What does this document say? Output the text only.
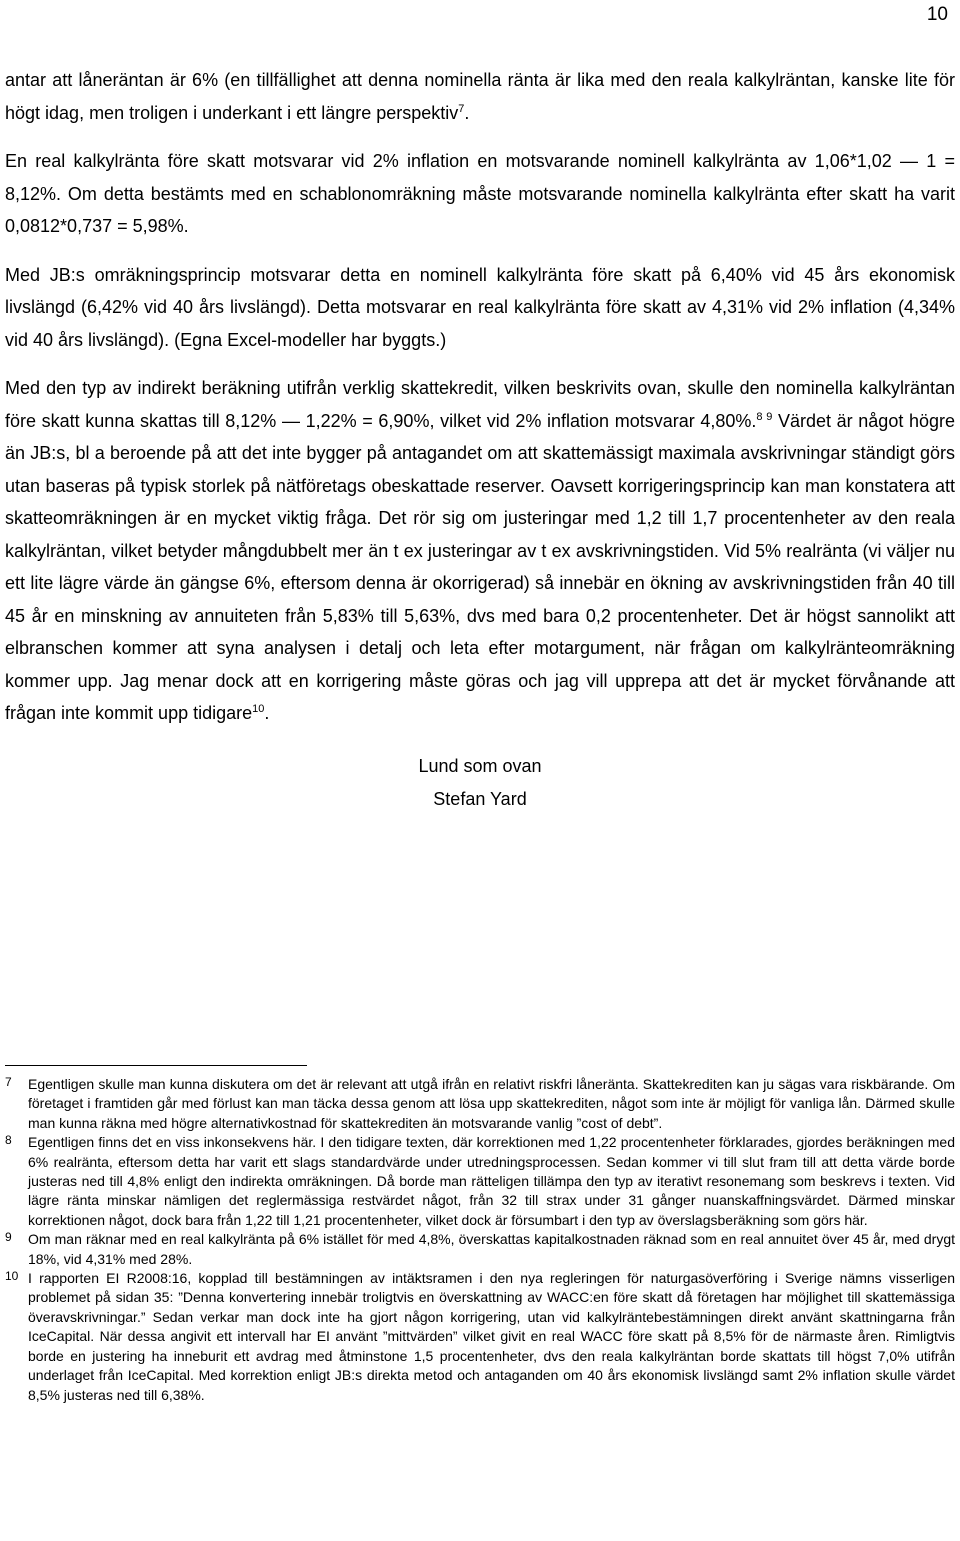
10

antar att låneräntan är 6% (en tillfällighet att denna nominella ränta är lika med den reala kalkylräntan, kanske lite för högt idag, men troligen i underkant i ett längre perspektiv$^7$.

En real kalkylränta före skatt motsvarar vid 2% inflation en motsvarande nominell kalkylränta av 1,06*1,02 — 1 = 8,12%. Om detta bestämts med en schablonomräkning måste motsvarande nominella kalkylränta efter skatt ha varit 0,0812*0,737 = 5,98%.

Med JB:s omräkningsprincip motsvarar detta en nominell kalkylränta före skatt på 6,40% vid 45 års ekonomisk livslängd (6,42% vid 40 års livslängd). Detta motsvarar en real kalkylränta före skatt av 4,31% vid 2% inflation (4,34% vid 40 års livslängd). (Egna Excel-modeller har byggts.)

Med den typ av indirekt beräkning utifrån verklig skattekredit, vilken beskrivits ovan, skulle den nominella kalkylräntan före skatt kunna skattas till 8,12% — 1,22% = 6,90%, vilket vid 2% inflation motsvarar 4,80%.$^{8 9}$ Värdet är något högre än JB:s, bl a beroende på att det inte bygger på antagandet om att skattemässigt maximala avskrivningar ständigt görs utan baseras på typisk storlek på nätföretags obeskattade reserver. Oavsett korrigeringsprincip kan man konstatera att skatteomräkningen är en mycket viktig fråga. Det rör sig om justeringar med 1,2 till 1,7 procentenheter av den reala kalkylräntan, vilket betyder mångdubbelt mer än t ex justeringar av t ex avskrivningstiden. Vid 5% realränta (vi väljer nu ett lite lägre värde än gängse 6%, eftersom denna är okorrigerad) så innebär en ökning av avskrivningstiden från 40 till 45 år en minskning av annuiteten från 5,83% till 5,63%, dvs med bara 0,2 procentenheter. Det är högst sannolikt att elbranschen kommer att syna analysen i detalj och leta efter motargument, när frågan om kalkylränteomräkning kommer upp. Jag menar dock att en korrigering måste göras och jag vill upprepa att det är mycket förvånande att frågan inte kommit upp tidigare$^{10}$.

Lund som ovan
Stefan Yard

7 Egentligen skulle man kunna diskutera om det är relevant att utgå ifrån en relativt riskfri låneränta. Skattekrediten kan ju sägas vara riskbärande. Om företaget i framtiden går med förlust kan man täcka dessa genom att lösa upp skattekrediten, något som inte är möjligt för vanliga lån. Därmed skulle man kunna räkna med högre alternativkostnad för skattekrediten än motsvarande vanlig ”cost of debt”.

8 Egentligen finns det en viss inkonsekvens här. I den tidigare texten, där korrektionen med 1,22 procentenheter förklarades, gjordes beräkningen med 6% realränta, eftersom detta har varit ett slags standardvärde under utredningsprocessen. Sedan kommer vi till slut fram till att detta värde borde justeras ned till 4,8% enligt den indirekta omräkningen. Då borde man rätteligen tillämpa den typ av iterativt resonemang som beskrevs i texten. Vid lägre ränta minskar nämligen det reglermässiga restvärdet något, från 32 till strax under 31 gånger nuanskaffningsvärdet. Därmed minskar korrektionen något, dock bara från 1,22 till 1,21 procentenheter, vilket dock är försumbart i den typ av överslagsberäkning som görs här.

9 Om man räknar med en real kalkylränta på 6% istället för med 4,8%, överskattas kapitalkostnaden räknad som en real annuitet över 45 år, med drygt 18%, vid 4,31% med 28%.

10 I rapporten EI R2008:16, kopplad till bestämningen av intäktsramen i den nya regleringen för naturgasöverföring i Sverige nämns visserligen problemet på sidan 35: ”Denna konvertering innebär troligtvis en överskattning av WACC:en före skatt då företagen har möjlighet till skattemässiga överavskrivningar.” Sedan verkar man dock inte ha gjort någon korrigering, utan vid kalkylräntebestämningen direkt använt skattningarna från IceCapital. När dessa angivit ett intervall har EI använt ”mittvärden” vilket givit en real WACC före skatt på 8,5% för de närmaste åren. Rimligtvis borde en justering ha inneburit ett avdrag med åtminstone 1,5 procentenheter, dvs den reala kalkylräntan borde skattats till högst 7,0% utifrån underlaget från IceCapital. Med korrektion enligt JB:s direkta metod och antaganden om 40 års ekonomisk livslängd samt 2% inflation skulle värdet 8,5% justeras ned till 6,38%.
